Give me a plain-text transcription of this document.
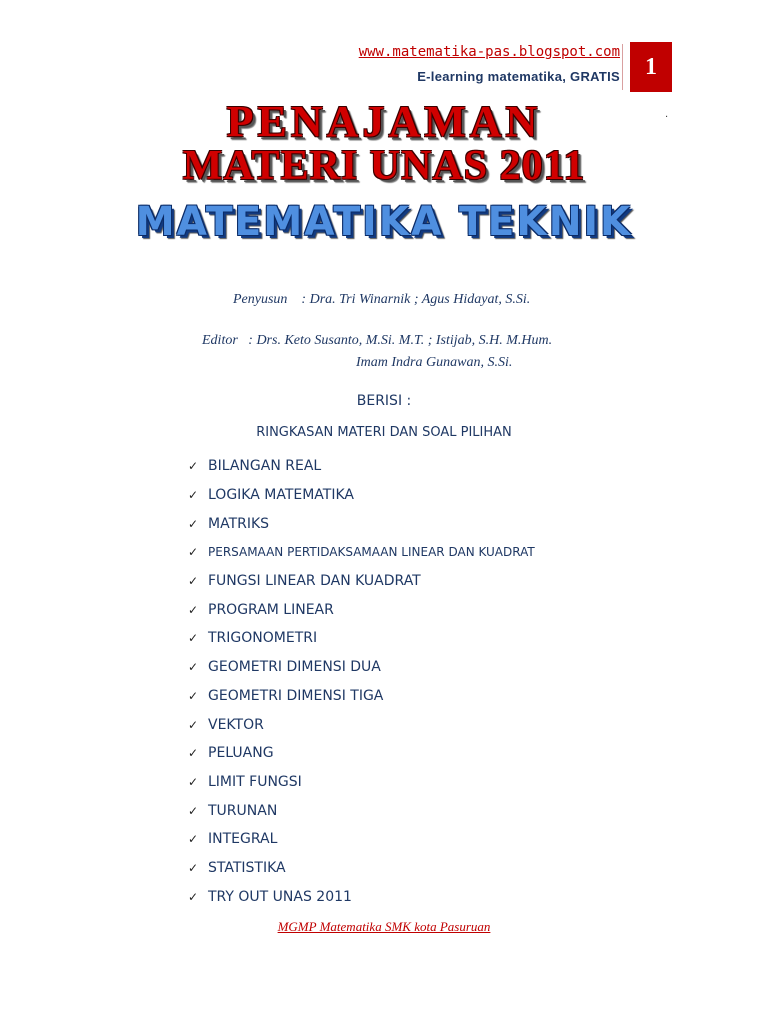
www.matematika-pas.blogspot.com
E-learning matematika, GRATIS	1
.
PENAJAMAN
MATERI UNAS 2011
MATEMATIKA TEKNIK
Penyusun    : Dra. Tri Winarnik ; Agus Hidayat, S.Si.
Editor   : Drs. Keto Susanto, M.Si. M.T. ; Istijab, S.H. M.Hum.
Imam Indra Gunawan, S.Si.
BERISI :
RINGKASAN MATERI DAN SOAL PILIHAN
✓ BILANGAN REAL
✓ LOGIKA MATEMATIKA
✓ MATRIKS
✓ PERSAMAAN PERTIDAKSAMAAN LINEAR DAN KUADRAT
✓ FUNGSI LINEAR DAN KUADRAT
✓ PROGRAM LINEAR
✓ TRIGONOMETRI
✓ GEOMETRI DIMENSI DUA
✓ GEOMETRI DIMENSI TIGA
✓ VEKTOR
✓ PELUANG
✓ LIMIT FUNGSI
✓ TURUNAN
✓ INTEGRAL
✓ STATISTIKA
✓ TRY OUT UNAS 2011
MGMP Matematika SMK kota Pasuruan
